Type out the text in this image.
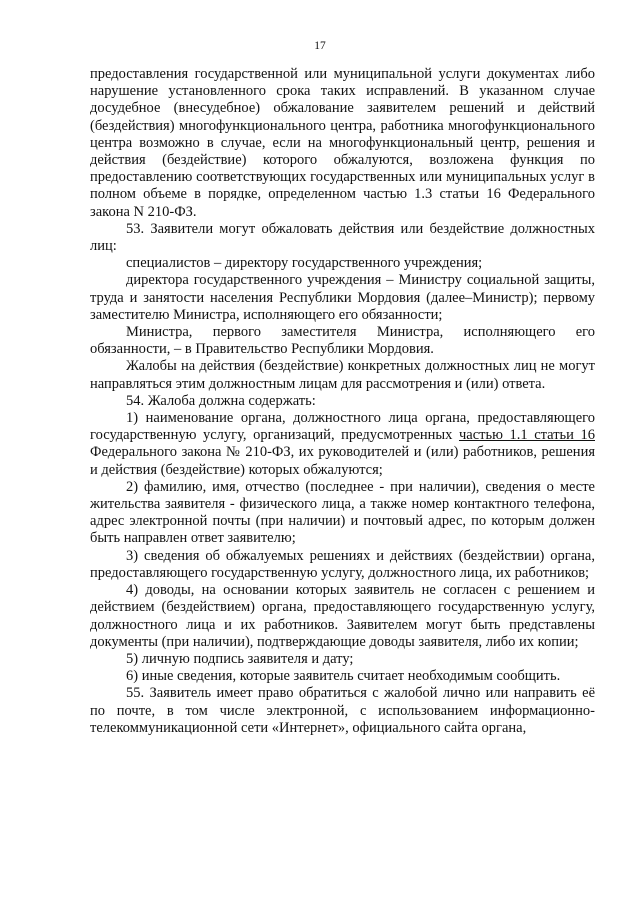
17

предоставления государственной или муниципальной услуги документах либо нарушение установленного срока таких исправлений. В указанном случае досудебное (внесудебное) обжалование заявителем решений и действий (бездействия) многофункционального центра, работника многофункционального центра возможно в случае, если на многофункциональный центр, решения и действия (бездействие) которого обжалуются, возложена функция по предоставлению соответствующих государственных или муниципальных услуг в полном объеме в порядке, определенном частью 1.3 статьи 16 Федерального закона N 210-ФЗ.

53. Заявители могут обжаловать действия или бездействие должностных лиц:

специалистов – директору государственного учреждения;

директора государственного учреждения – Министру социальной защиты, труда и занятости населения Республики Мордовия (далее–Министр); первому заместителю Министра, исполняющего его обязанности;

Министра, первого заместителя Министра, исполняющего его обязанности, – в Правительство Республики Мордовия.

Жалобы на действия (бездействие) конкретных должностных лиц не могут направляться этим должностным лицам для рассмотрения и (или) ответа.

54. Жалоба должна содержать:

1) наименование органа, должностного лица органа, предоставляющего государственную услугу, организаций, предусмотренных частью 1.1 статьи 16 Федерального закона № 210-ФЗ, их руководителей и (или) работников, решения и действия (бездействие) которых обжалуются;

2) фамилию, имя, отчество (последнее - при наличии), сведения о месте жительства заявителя - физического лица, а также номер контактного телефона, адрес электронной почты (при наличии) и почтовый адрес, по которым должен быть направлен ответ заявителю;

3) сведения об обжалуемых решениях и действиях (бездействии) органа, предоставляющего государственную услугу, должностного лица, их работников;

4) доводы, на основании которых заявитель не согласен с решением и действием (бездействием) органа, предоставляющего государственную услугу, должностного лица и их работников. Заявителем могут быть представлены документы (при наличии), подтверждающие доводы заявителя, либо их копии;

5) личную подпись заявителя и дату;

6) иные сведения, которые заявитель считает необходимым сообщить.

55. Заявитель имеет право обратиться с жалобой лично или направить её по почте, в том числе электронной, с использованием информационно-телекоммуникационной сети «Интернет», официального сайта органа,
